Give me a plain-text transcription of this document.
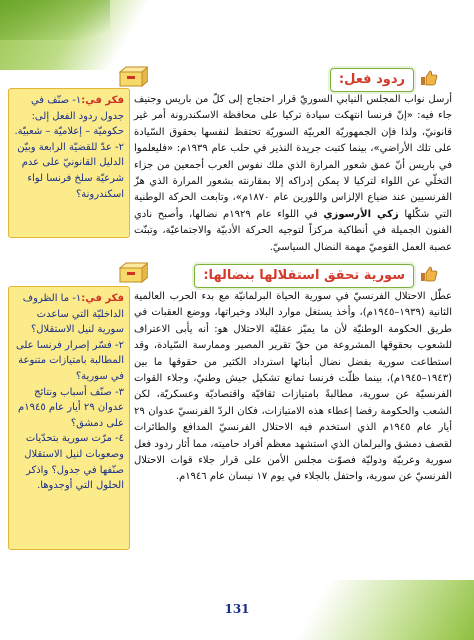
ردود فعل:

أرسل نواب المجلس النيابي السوريّ قرار احتجاج إلى كلّ من باريس وجنيف جاء فيه: «إنّ فرنسا انتهكت سيادة تركيا على محافظة الاسكندرونة أمر غير قانونيّ، ولذا فإن الجمهوريّة العربيّة السوريّة تحتفظ لنفسها بحقوق السّيادة على تلك الأراضي»، بينما كتبت جريدة النذير في حلب عام ١٩٣٩م: «فليعلموا في باريس أنّ عمق شعور المرارة الذي ملك نفوس العرب أجمعين من جزاء التخلّي عن اللواء لتركيا لا يمكن إدراكه إلا بمقارنته بشعور المرارة الذي هزّ الفرنسيين عند ضياع الإلزاس واللورين عام ١٨٧٠م»، وتابعت الحركة الوطنية التي شكّلها زكي الأرسوزي في اللواء عام ١٩٢٩م نضالها، وأصبح نادي الفنون الجميلة في أنطاكية مركزاً لتوجيه الحركة الأدبيّة والاجتماعيّة، وتبنّت عصبة العمل القوميّ مهمة النضال السياسيّ.

فكر في:١- صنّف في جدول ردود الفعل إلى: حكوميّة – إعلاميّة – شعبيّة.

٢- عدّ للقضيّة الرابعة وبيّن الدليل القانونيّ على عدم شرعيّة سلخ فرنسا لواء اسكندرونة؟

سورية تحقق استقلالها بنضالها:

عطّل الاحتلال الفرنسيّ في سورية الحياة البرلمانيّة مع بدء الحرب العالمية الثانية (١٩٣٩–١٩٤٥م)، وأخذ يستغل موارد البلاد وخيراتها، ووضع العقبات في طريق الحكومة الوطنيّة لأن ما يميّز عقليّة الاحتلال هو: أنه يأبى الاعتراف للشعوب بحقوقها المشروعة من حقّ تقرير المصير وممارسة السّيادة، وقد استطاعت سورية بفضل نضال أبنائها استرداد الكثير من حقوقها ما بين (١٩٤٣–١٩٤٥م)، بينما ظلّت فرنسا تمانع تشكيل جيش وطنيّ، وجلاء القوات الفرنسيّة عن سورية، مطالبةً بامتيازات ثقافيّة واقتصاديّة وعسكريّة، لكن الشعب والحكومة رفضا إعطاء هذه الامتيازات، فكان الردّ الفرنسيّ عدوان ٢٩ أيار عام ١٩٤٥م الذي استخدم فيه الاحتلال الفرنسيّ المدافع والطائرات لقصف دمشق والبرلمان الذي استشهد معظم أفراد حاميته، مما أثار ردود فعل سورية وعربيّة ودوليّة فصوّت مجلس الأمن على قرار جلاء قوات الاحتلال الفرنسيّ عن سورية، واحتفل بالجلاء في يوم ١٧ نيسان عام ١٩٤٦م.

فكر في:١- ما الظروف الداخليّة التي ساعدت سورية لنيل الاستقلال؟

٢- فسّر إصرار فرنسا على المطالبة بامتيازات متنوعة في سورية؟

٣- صنّف أسباب ونتائج عدوان ٢٩ أيار عام ١٩٤٥م على دمشق؟

٤- مرّت سورية بتحدّيات وصعوبات لنيل الاستقلال صنّفها في جدول؟ واذكر الحلول التي أوجدوها.

131
